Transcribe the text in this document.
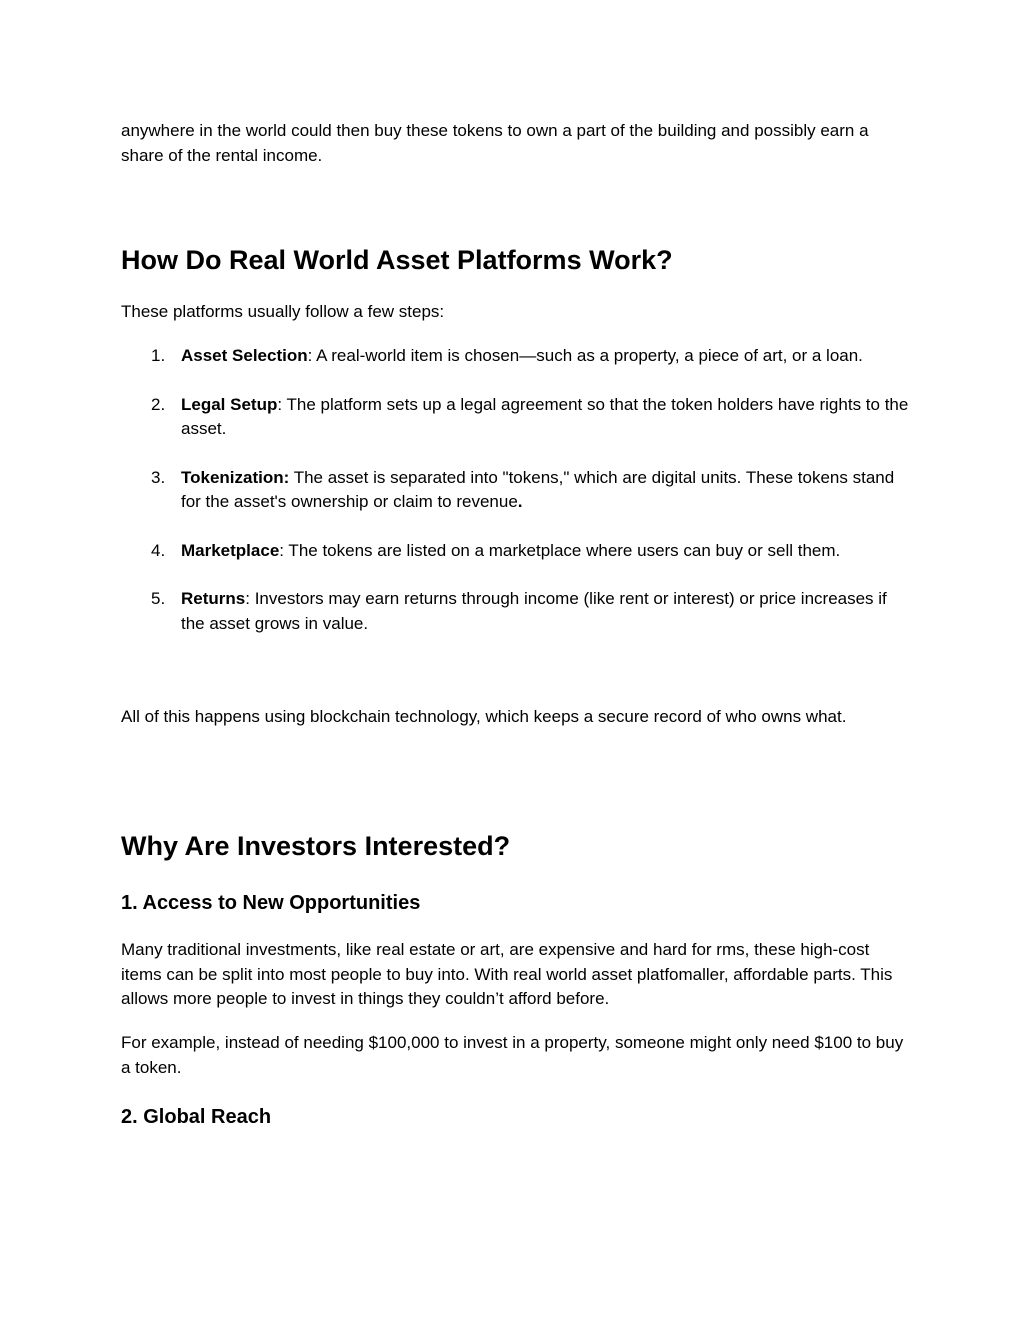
anywhere in the world could then buy these tokens to own a part of the building and possibly earn a share of the rental income.

How Do Real World Asset Platforms Work?

These platforms usually follow a few steps:

1. Asset Selection: A real-world item is chosen—such as a property, a piece of art, or a loan.
2. Legal Setup: The platform sets up a legal agreement so that the token holders have rights to the asset.
3. Tokenization: The asset is separated into "tokens," which are digital units. These tokens stand for the asset's ownership or claim to revenue.
4. Marketplace: The tokens are listed on a marketplace where users can buy or sell them.
5. Returns: Investors may earn returns through income (like rent or interest) or price increases if the asset grows in value.

All of this happens using blockchain technology, which keeps a secure record of who owns what.

Why Are Investors Interested?
1. Access to New Opportunities

Many traditional investments, like real estate or art, are expensive and hard for rms, these high-cost items can be split into most people to buy into. With real world asset platfomaller, affordable parts. This allows more people to invest in things they couldn’t afford before.

For example, instead of needing $100,000 to invest in a property, someone might only need $100 to buy a token.

2. Global Reach
